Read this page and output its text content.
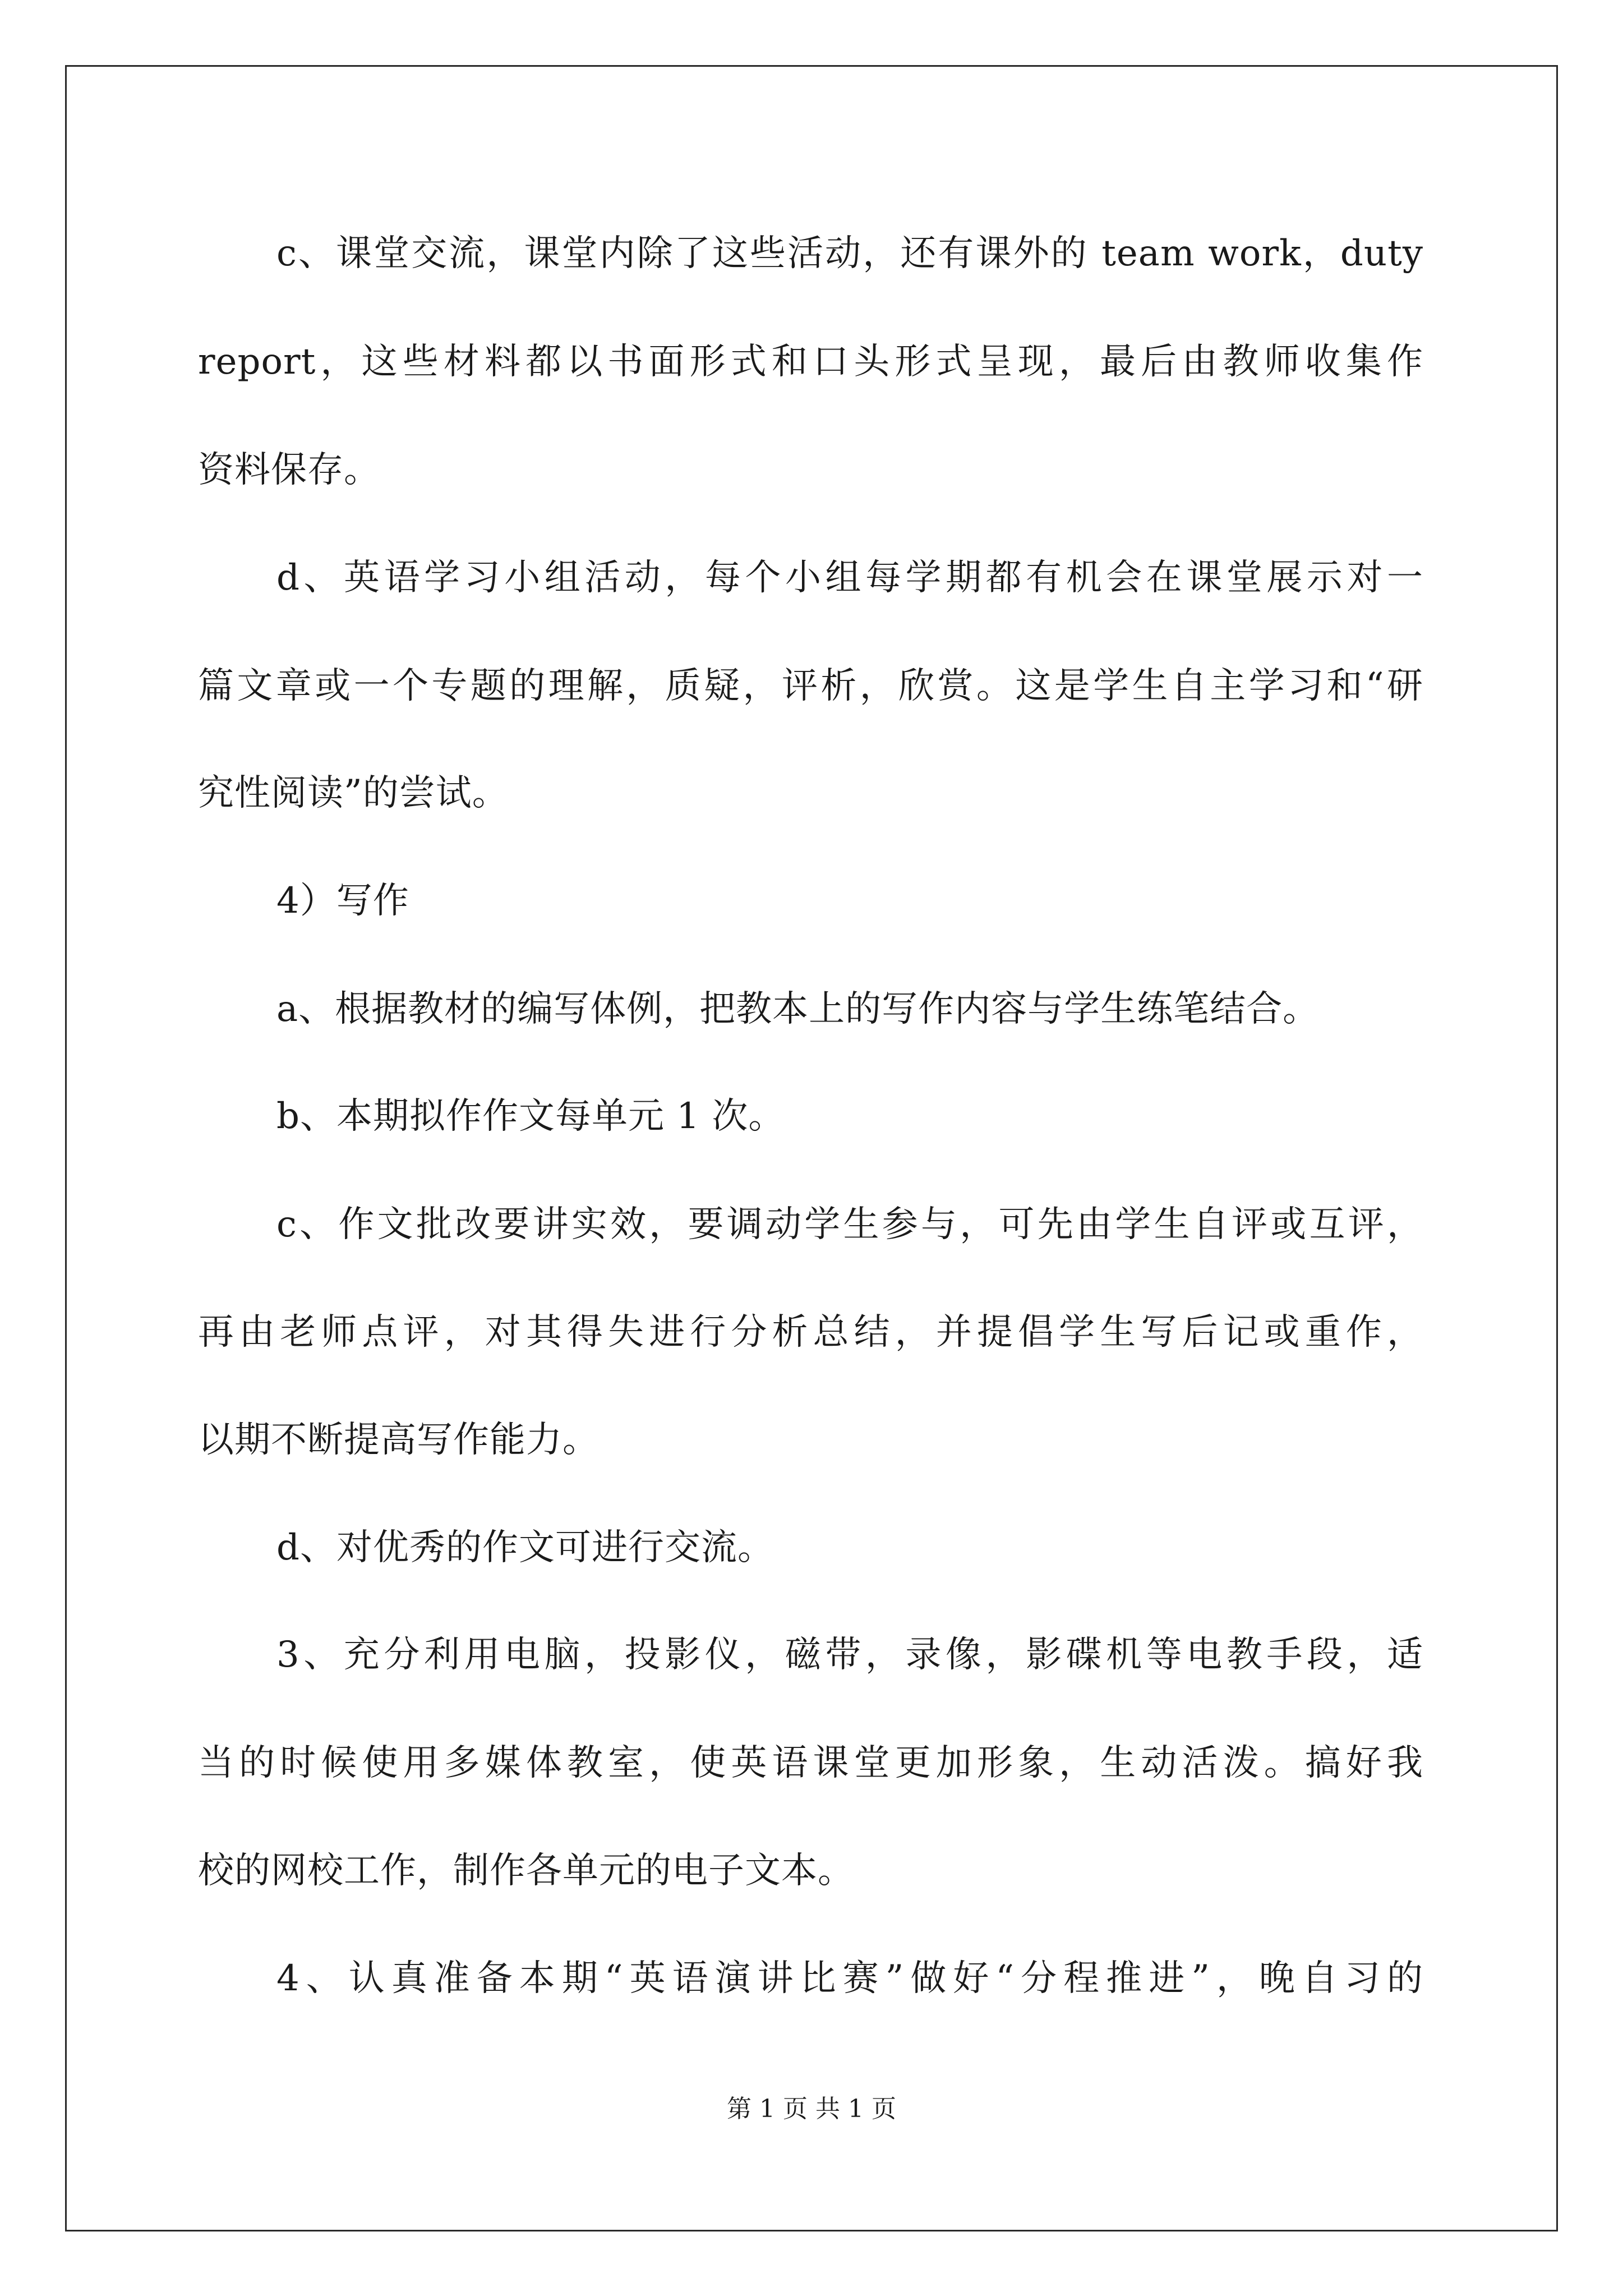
c、课堂交流，课堂内除了这些活动，还有课外的 team work，duty
report，这些材料都以书面形式和口头形式呈现，最后由教师收集作
资料保存。
d、英语学习小组活动，每个小组每学期都有机会在课堂展示对一
篇文章或一个专题的理解，质疑，评析，欣赏。这是学生自主学习和“研
究性阅读”的尝试。
4）写作
a、根据教材的编写体例，把教本上的写作内容与学生练笔结合。
b、本期拟作作文每单元 1 次。
c、作文批改要讲实效，要调动学生参与，可先由学生自评或互评，
再由老师点评，对其得失进行分析总结，并提倡学生写后记或重作，
以期不断提高写作能力。
d、对优秀的作文可进行交流。
3、充分利用电脑，投影仪，磁带，录像，影碟机等电教手段，适
当的时候使用多媒体教室，使英语课堂更加形象，生动活泼。搞好我
校的网校工作，制作各单元的电子文本。
4、认真准备本期“英语演讲比赛”做好“分程推进”，晚自习的
第 1 页 共 1 页
